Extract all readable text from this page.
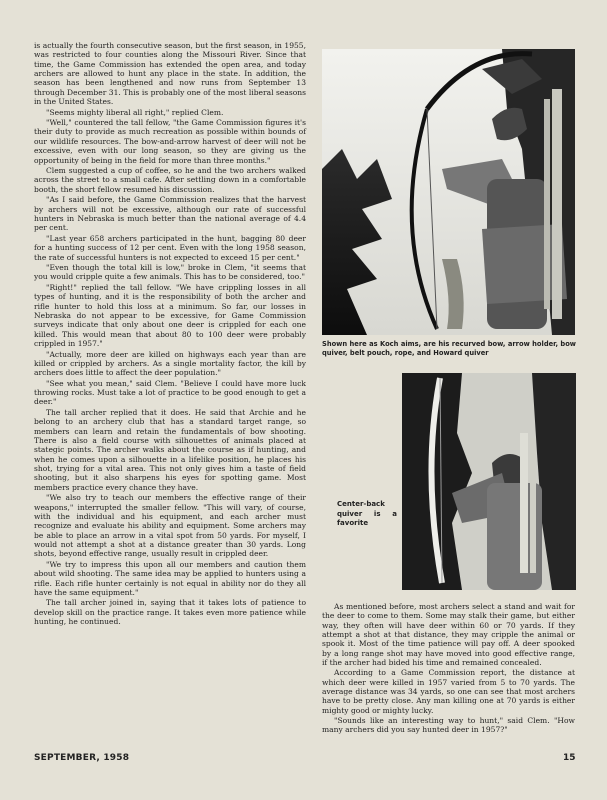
is actually the fourth consecutive season, but the first season, in 1955, was restricted to four counties along the Missouri River. Since that time, the Game Commission has extended the open area, and today archers are allowed to hunt any place in the state. In addition, the season has been lengthened and now runs from September 13 through December 31. This is probably one of the most liberal seasons in the United States.

"Seems mighty liberal all right," replied Clem.

"Well," countered the tall fellow, "the Game Commission figures it's their duty to provide as much recreation as possible within bounds of our wildlife resources. The bow-and-arrow harvest of deer will not be excessive, even with our long season, so they are giving us the opportunity of being in the field for more than three months."

Clem suggested a cup of coffee, so he and the two archers walked across the street to a small cafe. After settling down in a comfortable booth, the short fellow resumed his discussion.

"As I said before, the Game Commission realizes that the harvest by archers will not be excessive, although our rate of successful hunters in Nebraska is much better than the national average of 4.4 per cent.

"Last year 658 archers participated in the hunt, bagging 80 deer for a hunting success of 12 per cent. Even with the long 1958 season, the rate of successful hunters is not expected to exceed 15 per cent."

"Even though the total kill is low," broke in Clem, "it seems that you would cripple quite a few animals. This has to be considered, too."

"Right!" replied the tall fellow. "We have crippling losses in all types of hunting, and it is the responsibility of both the archer and rifle hunter to hold this loss at a minimum. So far, our losses in Nebraska do not appear to be excessive, for Game Commission surveys indicate that only about one deer is crippled for each one killed. This would mean that about 80 to 100 deer were probably crippled in 1957."

"Actually, more deer are killed on highways each year than are killed or crippled by archers. As a single mortality factor, the kill by archers does little to affect the deer population."

"See what you mean," said Clem. "Believe I could have more luck throwing rocks. Must take a lot of practice to be good enough to get a deer."

The tall archer replied that it does. He said that Archie and he belong to an archery club that has a standard target range, so members can learn and retain the fundamentals of bow shooting. There is also a field course with silhouettes of animals placed at stategic points. The archer walks about the course as if hunting, and when he comes upon a silhouette in a lifelike position, he places his shot, trying for a vital area. This not only gives him a taste of field shooting, but it also sharpens his eyes for spotting game. Most members practice every chance they have.

"We also try to teach our members the effective range of their weapons," interrupted the smaller fellow. "This will vary, of course, with the individual and his equipment, and each archer must recognize and evaluate his ability and equipment. Some archers may be able to place an arrow in a vital spot from 50 yards. For myself, I would not attempt a shot at a distance greater than 30 yards. Long shots, beyond effective range, usually result in crippled deer.

"We try to impress this upon all our members and caution them about wild shooting. The same idea may be applied to hunters using a rifle. Each rifle hunter certainly is not equal in ability nor do they all have the same equipment."

The tall archer joined in, saying that it takes lots of patience to develop skill on the practice range. It takes even more patience while hunting, he continued.

Shown here as Koch aims, are his recurved bow, arrow holder, bow quiver, belt pouch, rope, and Howard quiver
Center-back quiver is a favorite

As mentioned before, most archers select a stand and wait for the deer to come to them. Some may stalk their game, but either way, they often will have deer within 60 or 70 yards. If they attempt a shot at that distance, they may cripple the animal or spook it. Most of the time patience will pay off. A deer spooked by a long range shot may have moved into good effective range, if the archer had bided his time and remained concealed.

According to a Game Commission report, the distance at which deer were killed in 1957 varied from 5 to 70 yards. The average distance was 34 yards, so one can see that most archers have to be pretty close. Any man killing one at 70 yards is either mighty good or mighty lucky.

"Sounds like an interesting way to hunt," said Clem. "How many archers did you say hunted deer in 1957?"

SEPTEMBER, 1958	15
